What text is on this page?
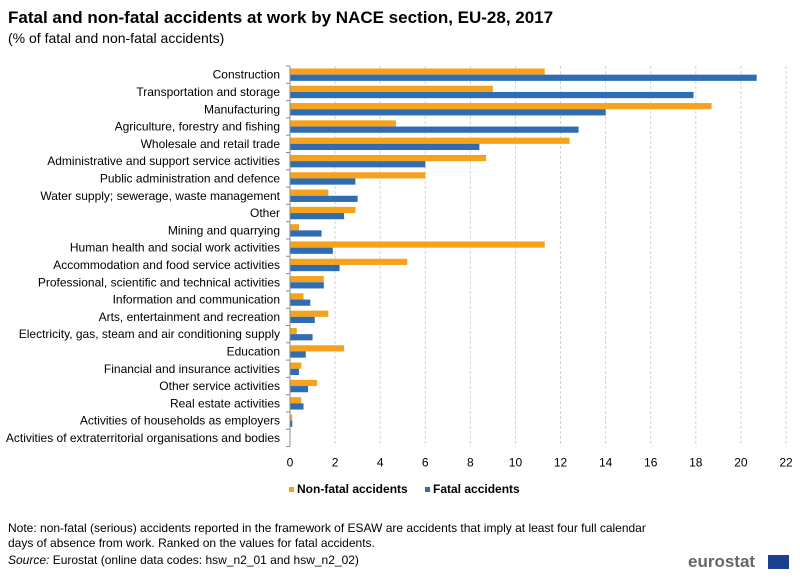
Fatal and non-fatal accidents at work by NACE section, EU-28, 2017
(% of fatal and non-fatal accidents)
0	2	4	6	8	10	12	14	16	18	20	22
Construction
Transportation and storage
Manufacturing
Agriculture, forestry and fishing
Wholesale and retail trade
Administrative and support service activities
Public administration and defence
Water supply; sewerage, waste management
Other
Mining and quarrying
Human health and social work activities
Accommodation and food service activities
Professional, scientific and technical activities
Information and communication
Arts, entertainment and recreation
Electricity, gas, steam and air conditioning supply
Education
Financial and insurance activities
Other service activities
Real estate activities
Activities of households as employers
Activities of extraterritorial organisations and bodies
Non-fatal accidents Fatal accidents
Note: non-fatal (serious) accidents reported in the framework of ESAW are accidents that imply at least four full calendar days of absence from work. Ranked on the values for fatal accidents.
Source: Eurostat (online data codes: hsw_n2_01 and hsw_n2_02)	eurostat
